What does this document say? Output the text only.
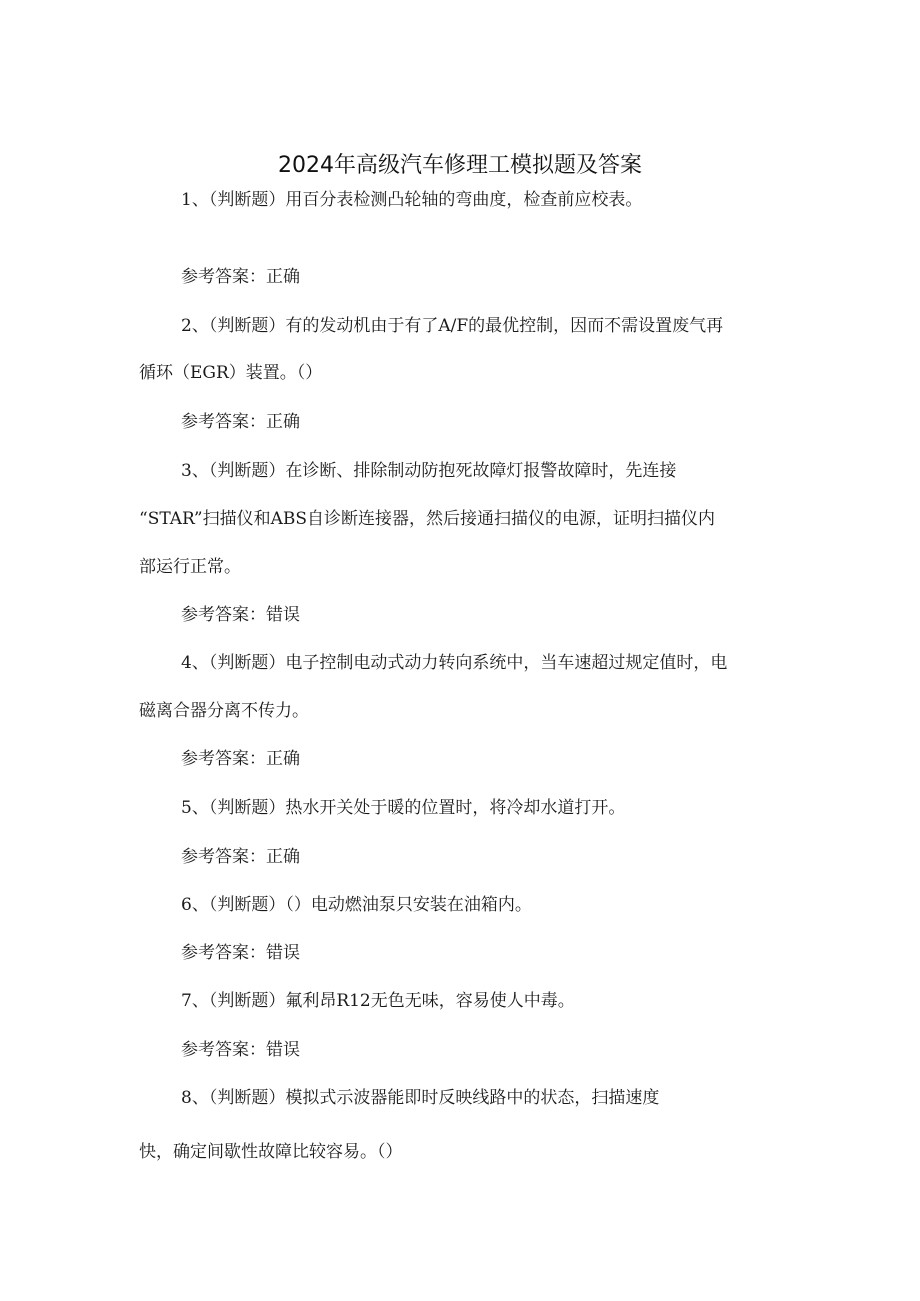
2024年高级汽车修理工模拟题及答案
1、（判断题）用百分表检测凸轮轴的弯曲度，检查前应校表。
参考答案：正确
2、（判断题）有的发动机由于有了A/F的最优控制，因而不需设置废气再
循环（EGR）装置。（）
参考答案：正确
3、（判断题）在诊断、排除制动防抱死故障灯报警故障时，先连接
“STAR”扫描仪和ABS自诊断连接器，然后接通扫描仪的电源，证明扫描仪内
部运行正常。
参考答案：错误
4、（判断题）电子控制电动式动力转向系统中，当车速超过规定值时，电
磁离合器分离不传力。
参考答案：正确
5、（判断题）热水开关处于暖的位置时，将冷却水道打开。
参考答案：正确
6、（判断题）（）电动燃油泵只安装在油箱内。
参考答案：错误
7、（判断题）氟利昂R12无色无味，容易使人中毒。
参考答案：错误
8、（判断题）模拟式示波器能即时反映线路中的状态，扫描速度
快，确定间歇性故障比较容易。（）
